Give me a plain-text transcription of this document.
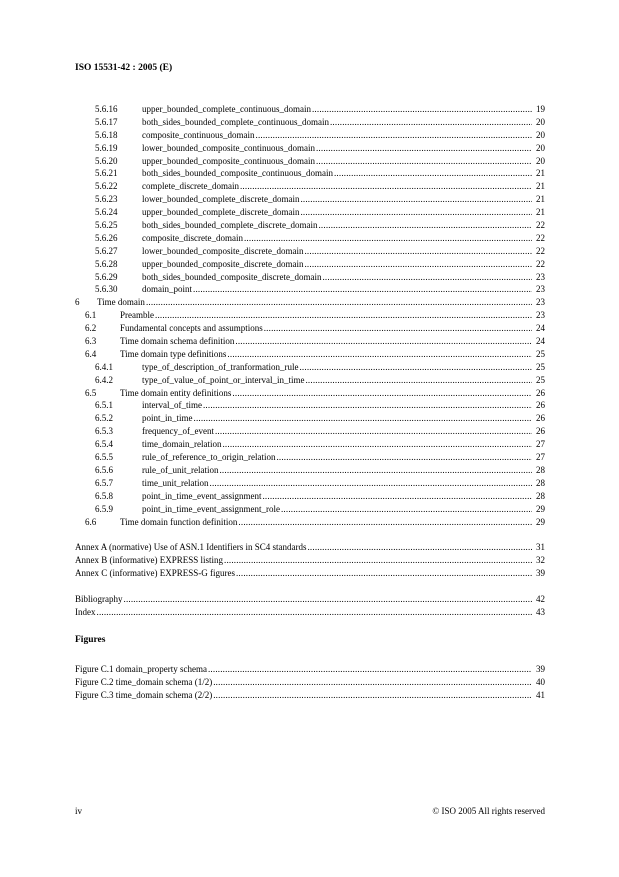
ISO 15531-42 : 2005 (E)
5.6.16	upper_bounded_complete_continuous_domain .....	19
5.6.17	both_sides_bounded_complete_continuous_domain .....	20
5.6.18	composite_continuous_domain .....	20
5.6.19	lower_bounded_composite_continuous_domain .....	20
5.6.20	upper_bounded_composite_continuous_domain .....	20
5.6.21	both_sides_bounded_composite_continuous_domain .....	21
5.6.22	complete_discrete_domain .....	21
5.6.23	lower_bounded_complete_discrete_domain .....	21
5.6.24	upper_bounded_complete_discrete_domain .....	21
5.6.25	both_sides_bounded_complete_discrete_domain .....	22
5.6.26	composite_discrete_domain .....	22
5.6.27	lower_bounded_composite_discrete_domain .....	22
5.6.28	upper_bounded_composite_discrete_domain .....	22
5.6.29	both_sides_bounded_composite_discrete_domain .....	23
5.6.30	domain_point .....	23
6	Time domain .....	23
6.1	Preamble .....	23
6.2	Fundamental concepts and assumptions .....	24
6.3	Time domain schema definition .....	24
6.4	Time domain type definitions .....	25
6.4.1	type_of_description_of_tranformation_rule .....	25
6.4.2	type_of_value_of_point_or_interval_in_time .....	25
6.5	Time domain entity definitions .....	26
6.5.1	interval_of_time .....	26
6.5.2	point_in_time .....	26
6.5.3	frequency_of_event .....	26
6.5.4	time_domain_relation .....	27
6.5.5	rule_of_reference_to_origin_relation .....	27
6.5.6	rule_of_unit_relation .....	28
6.5.7	time_unit_relation .....	28
6.5.8	point_in_time_event_assignment .....	28
6.5.9	point_in_time_event_assignment_role .....	29
6.6	Time domain function definition .....	29
Annex A (normative) Use of ASN.1 Identifiers in SC4 standards .....	31
Annex B (informative) EXPRESS listing .....	32
Annex C (informative) EXPRESS-G figures .....	39
Bibliography .....	42
Index .....	43
Figures
Figure C.1 domain_property schema .....	39
Figure C.2 time_domain schema (1/2) .....	40
Figure C.3 time_domain schema (2/2) .....	41
iv	© ISO 2005 All rights reserved
